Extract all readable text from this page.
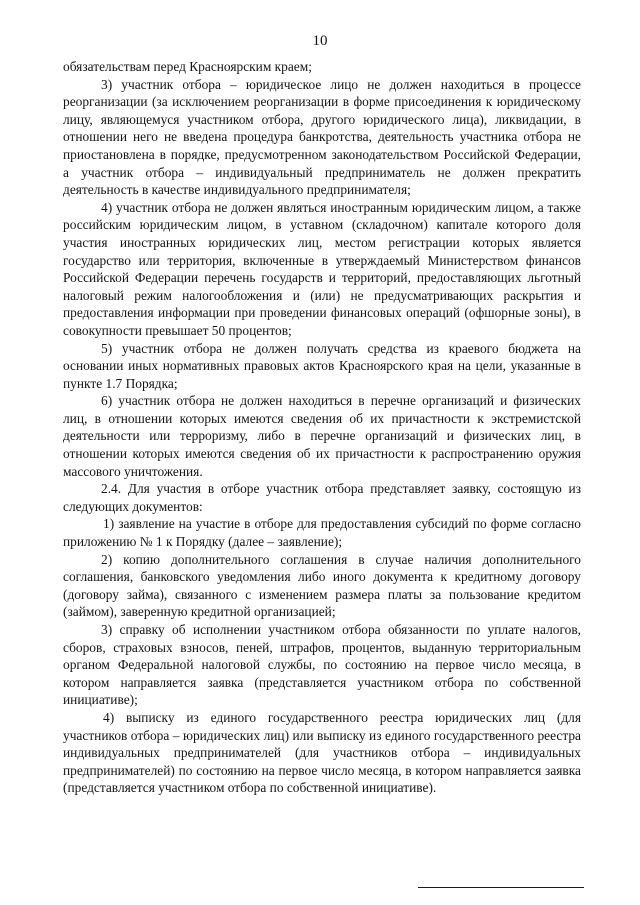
10

обязательствам перед Красноярским краем;

3) участник отбора – юридическое лицо не должен находиться в процессе реорганизации (за исключением реорганизации в форме присоединения к юридическому лицу, являющемуся участником отбора, другого юридического лица), ликвидации, в отношении него не введена процедура банкротства, деятельность участника отбора не приостановлена в порядке, предусмотренном законодательством Российской Федерации, а участник отбора – индивидуальный предприниматель не должен прекратить деятельность в качестве индивидуального предпринимателя;

4) участник отбора не должен являться иностранным юридическим лицом, а также российским юридическим лицом, в уставном (складочном) капитале которого доля участия иностранных юридических лиц, местом регистрации которых является государство или территория, включенные в утверждаемый Министерством финансов Российской Федерации перечень государств и территорий, предоставляющих льготный налоговый режим налогообложения и (или) не предусматривающих раскрытия и предоставления информации при проведении финансовых операций (офшорные зоны), в совокупности превышает 50 процентов;

5) участник отбора не должен получать средства из краевого бюджета на основании иных нормативных правовых актов Красноярского края на цели, указанные в пункте 1.7 Порядка;

6) участник отбора не должен находиться в перечне организаций и физических лиц, в отношении которых имеются сведения об их причастности к экстремистской деятельности или терроризму, либо в перечне организаций и физических лиц, в отношении которых имеются сведения об их причастности к распространению оружия массового уничтожения.

2.4. Для участия в отборе участник отбора представляет заявку, состоящую из следующих документов:

1) заявление на участие в отборе для предоставления субсидий по форме согласно приложению № 1 к Порядку (далее – заявление);

2) копию дополнительного соглашения в случае наличия дополнительного соглашения, банковского уведомления либо иного документа к кредитному договору (договору займа), связанного с изменением размера платы за пользование кредитом (займом), заверенную кредитной организацией;

3) справку об исполнении участником отбора обязанности по уплате налогов, сборов, страховых взносов, пеней, штрафов, процентов, выданную территориальным органом Федеральной налоговой службы, по состоянию на первое число месяца, в котором направляется заявка (представляется участником отбора по собственной инициативе);

4) выписку из единого государственного реестра юридических лиц (для участников отбора – юридических лиц) или выписку из единого государственного реестра индивидуальных предпринимателей (для участников отбора – индивидуальных предпринимателей) по состоянию на первое число месяца, в котором направляется заявка (представляется участником отбора по собственной инициативе).
